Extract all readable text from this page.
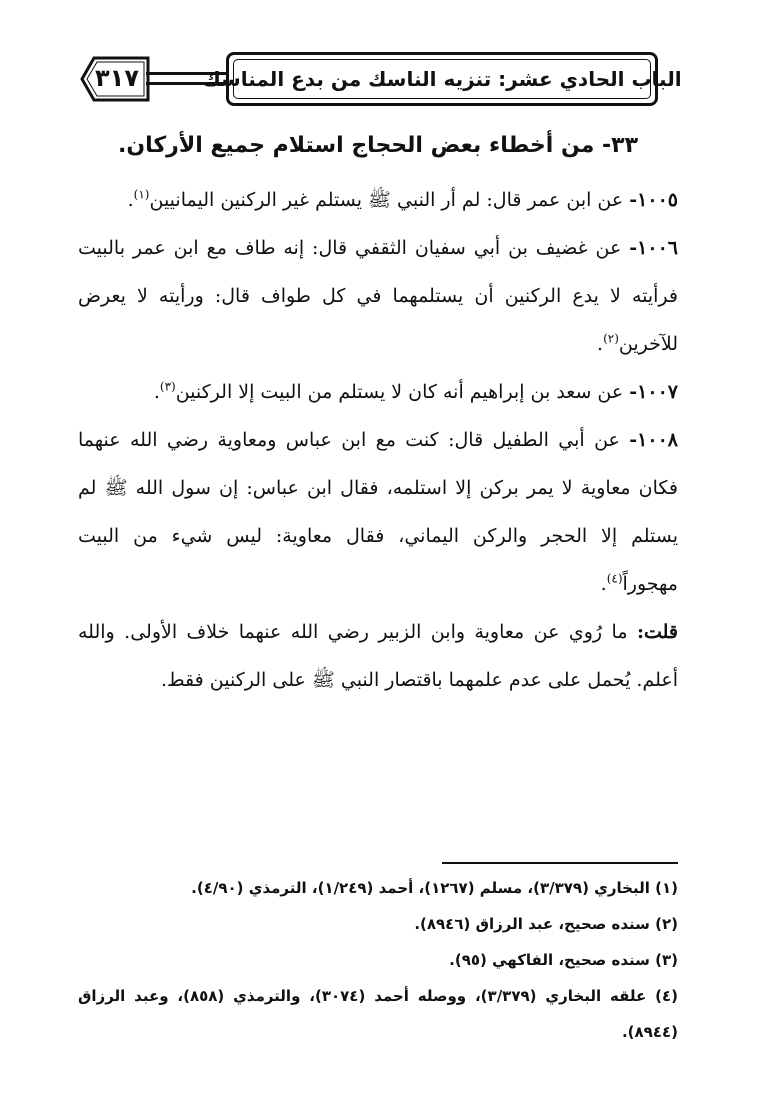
٣١٧	الباب الحادي عشر: تنزيه الناسك من بدع المناسك
٣٣- من أخطاء بعض الحجاج استلام جميع الأركان.

١٠٠٥- عن ابن عمر قال: لم أر النبي ﷺ يستلم غير الركنين اليمانيين$^{(١)}$.

١٠٠٦- عن غضيف بن أبي سفيان الثقفي قال: إنه طاف مع ابن عمر بالبيت فرأيته لا يدع الركنين أن يستلمهما في كل طواف قال: ورأيته لا يعرض للآخرين$^{(٢)}$.

١٠٠٧- عن سعد بن إبراهيم أنه كان لا يستلم من البيت إلا الركنين$^{(٣)}$.

١٠٠٨- عن أبي الطفيل قال: كنت مع ابن عباس ومعاوية رضي الله عنهما فكان معاوية لا يمر بركن إلا استلمه، فقال ابن عباس: إن سول الله ﷺ لم يستلم إلا الحجر والركن اليماني، فقال معاوية: ليس شيء من البيت مهجوراً$^{(٤)}$.

قلت: ما رُوي عن معاوية وابن الزبير رضي الله عنهما خلاف الأولى. والله أعلم. يُحمل على عدم علمهما باقتصار النبي ﷺ على الركنين فقط.

(١) البخاري (٣/٣٧٩)، مسلم (١٢٦٧)، أحمد (١/٢٤٩)، الترمذي (٤/٩٠).

(٢) سنده صحيح، عبد الرزاق (٨٩٤٦).

(٣) سنده صحيح، الفاكهي (٩٥).

(٤) علقه البخاري (٣/٣٧٩)، ووصله أحمد (٣٠٧٤)، والترمذي (٨٥٨)، وعبد الرزاق (٨٩٤٤).
